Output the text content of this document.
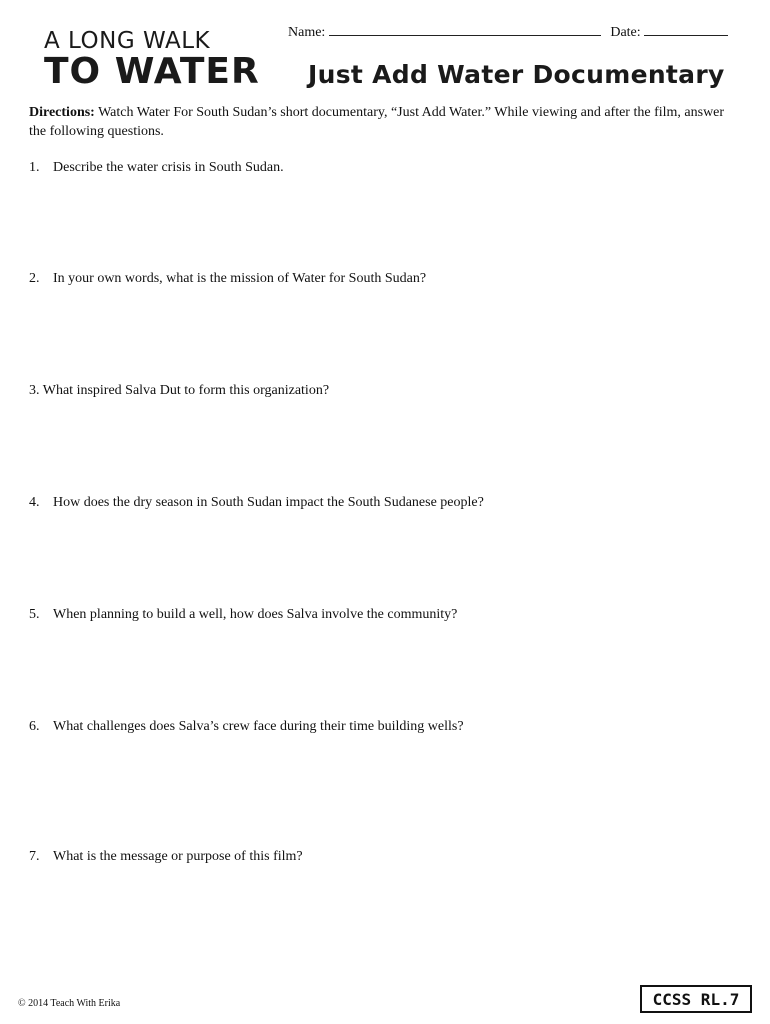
A LONG WALK
TO WATER
Name:	Date:
Just Add Water Documentary
Directions: Watch Water For South Sudan’s short documentary, “Just Add Water.” While viewing and after the film, answer the following questions.
1. Describe the water crisis in South Sudan.
2. In your own words, what is the mission of Water for South Sudan?
3. What inspired Salva Dut to form this organization?
4. How does the dry season in South Sudan impact the South Sudanese people?
5. When planning to build a well, how does Salva involve the community?
6. What challenges does Salva’s crew face during their time building wells?
7. What is the message or purpose of this film?
© 2014 Teach With Erika	CCSS RL.7
